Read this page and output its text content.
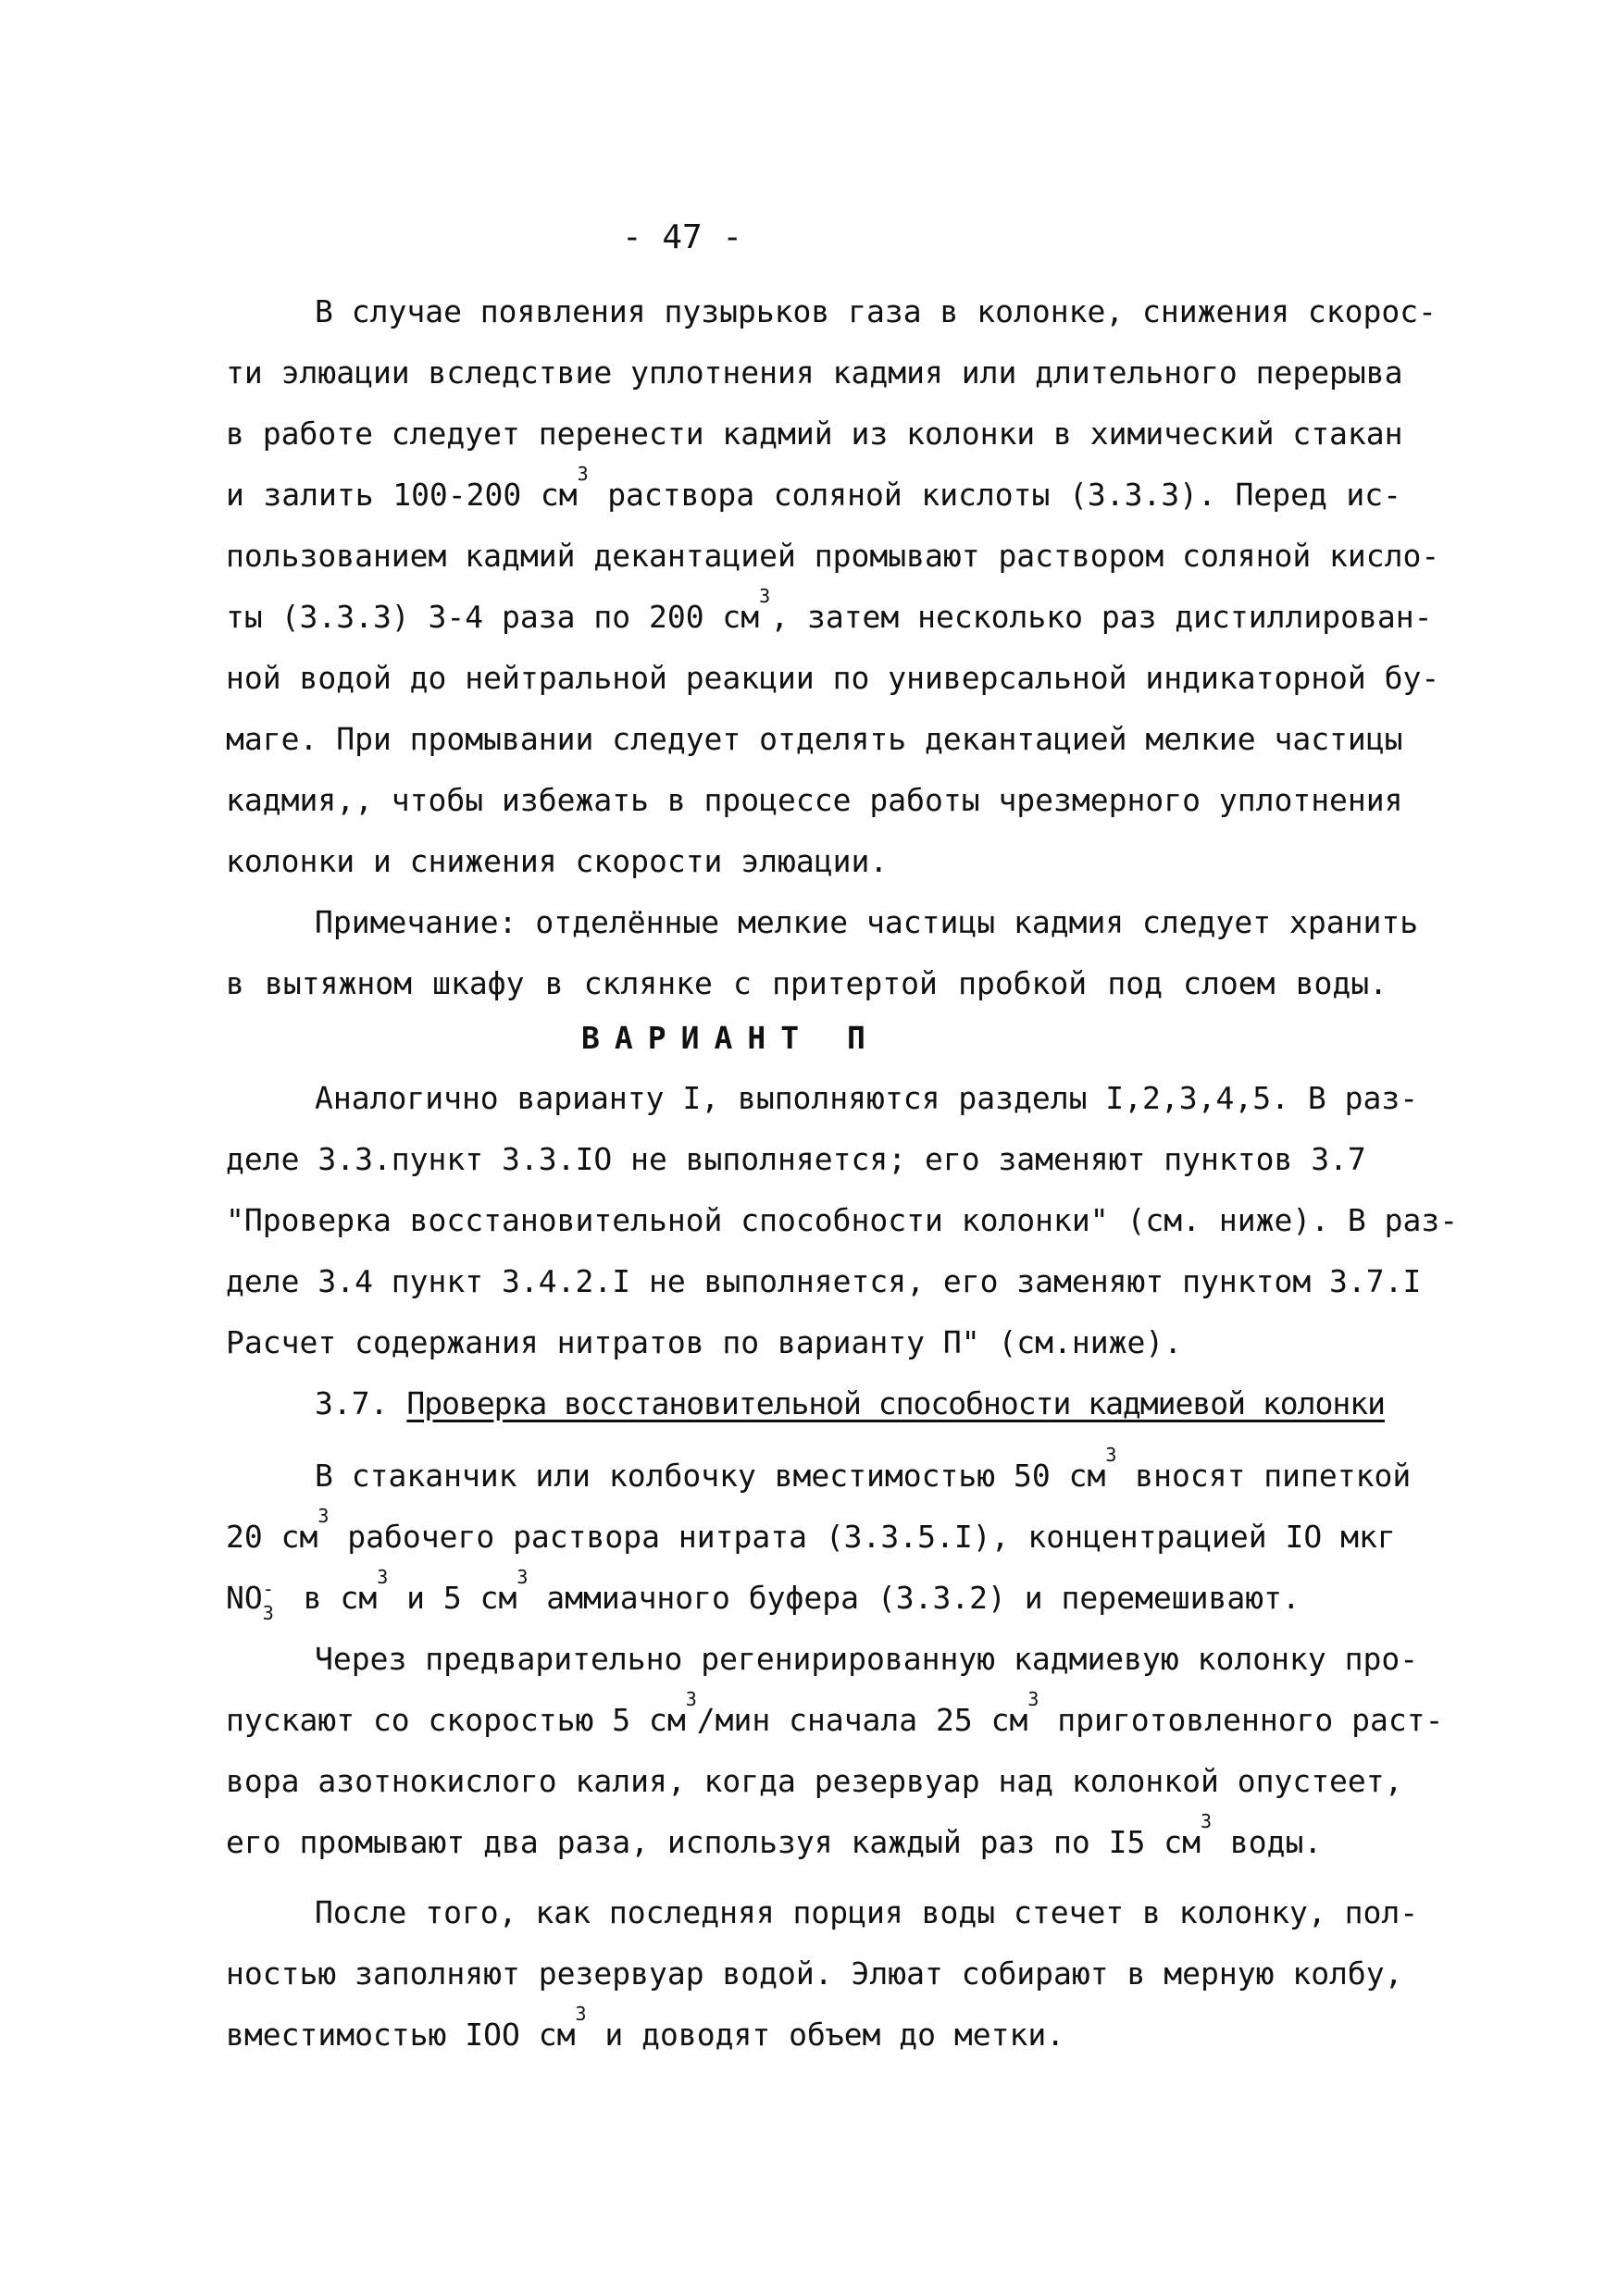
- 47 -
В случае появления пузырьков газа в колонке, снижения скорос-
ти элюации вследствие уплотнения кадмия или длительного перерыва
в работе следует перенести кадмий из колонки в химический стакан
и залить 100-200 $см^3$ раствора соляной кислоты (3.3.3). Перед ис-
пользованием кадмий декантацией промывают раствором соляной кисло-
ты (3.3.3) 3-4 раза по 200 $см^3$, затем несколько раз дистиллирован-
ной водой до нейтральной реакции по универсальной индикаторной бу-
маге. При промывании следует отделять декантацией мелкие частицы
кадмия,, чтобы избежать в процессе работы чрезмерного уплотнения
колонки и снижения скорости элюации.
Примечание: отделённые мелкие частицы кадмия следует хранить
в вытяжном шкафу в склянке с притертой пробкой под слоем воды.
ВАРИАНТ П
Аналогично варианту I, выполняются разделы I,2,3,4,5. В раз-
деле 3.3.пункт 3.3.IO не выполняется; его заменяют пунктов 3.7
"Проверка восстановительной способности колонки" (см. ниже). В раз-
деле 3.4 пункт 3.4.2.I не выполняется, его заменяют пунктом 3.7.I
Расчет содержания нитратов по варианту П" (см.ниже).
3.7. Проверка восстановительной способности кадмиевой колонки
В стаканчик или колбочку вместимостью 50 $см^3$ вносят пипеткой
20 $см^3$ рабочего раствора нитрата (3.3.5.I), концентрацией IO мкг
$NO^-_3$ в $см^3$ и 5 $см^3$ аммиачного буфера (3.3.2) и перемешивают.
Через предварительно регенирированную кадмиевую колонку про-
пускают со скоростью 5 $см^3$/мин сначала 25 $см^3$ приготовленного раст-
вора азотнокислого калия, когда резервуар над колонкой опустеет,
его промывают два раза, используя каждый раз по I5 $см^3$ воды.
После того, как последняя порция воды стечет в колонку, пол-
ностью заполняют резервуар водой. Элюат собирают в мерную колбу,
вместимостью IOO $см^3$ и доводят объем до метки.
